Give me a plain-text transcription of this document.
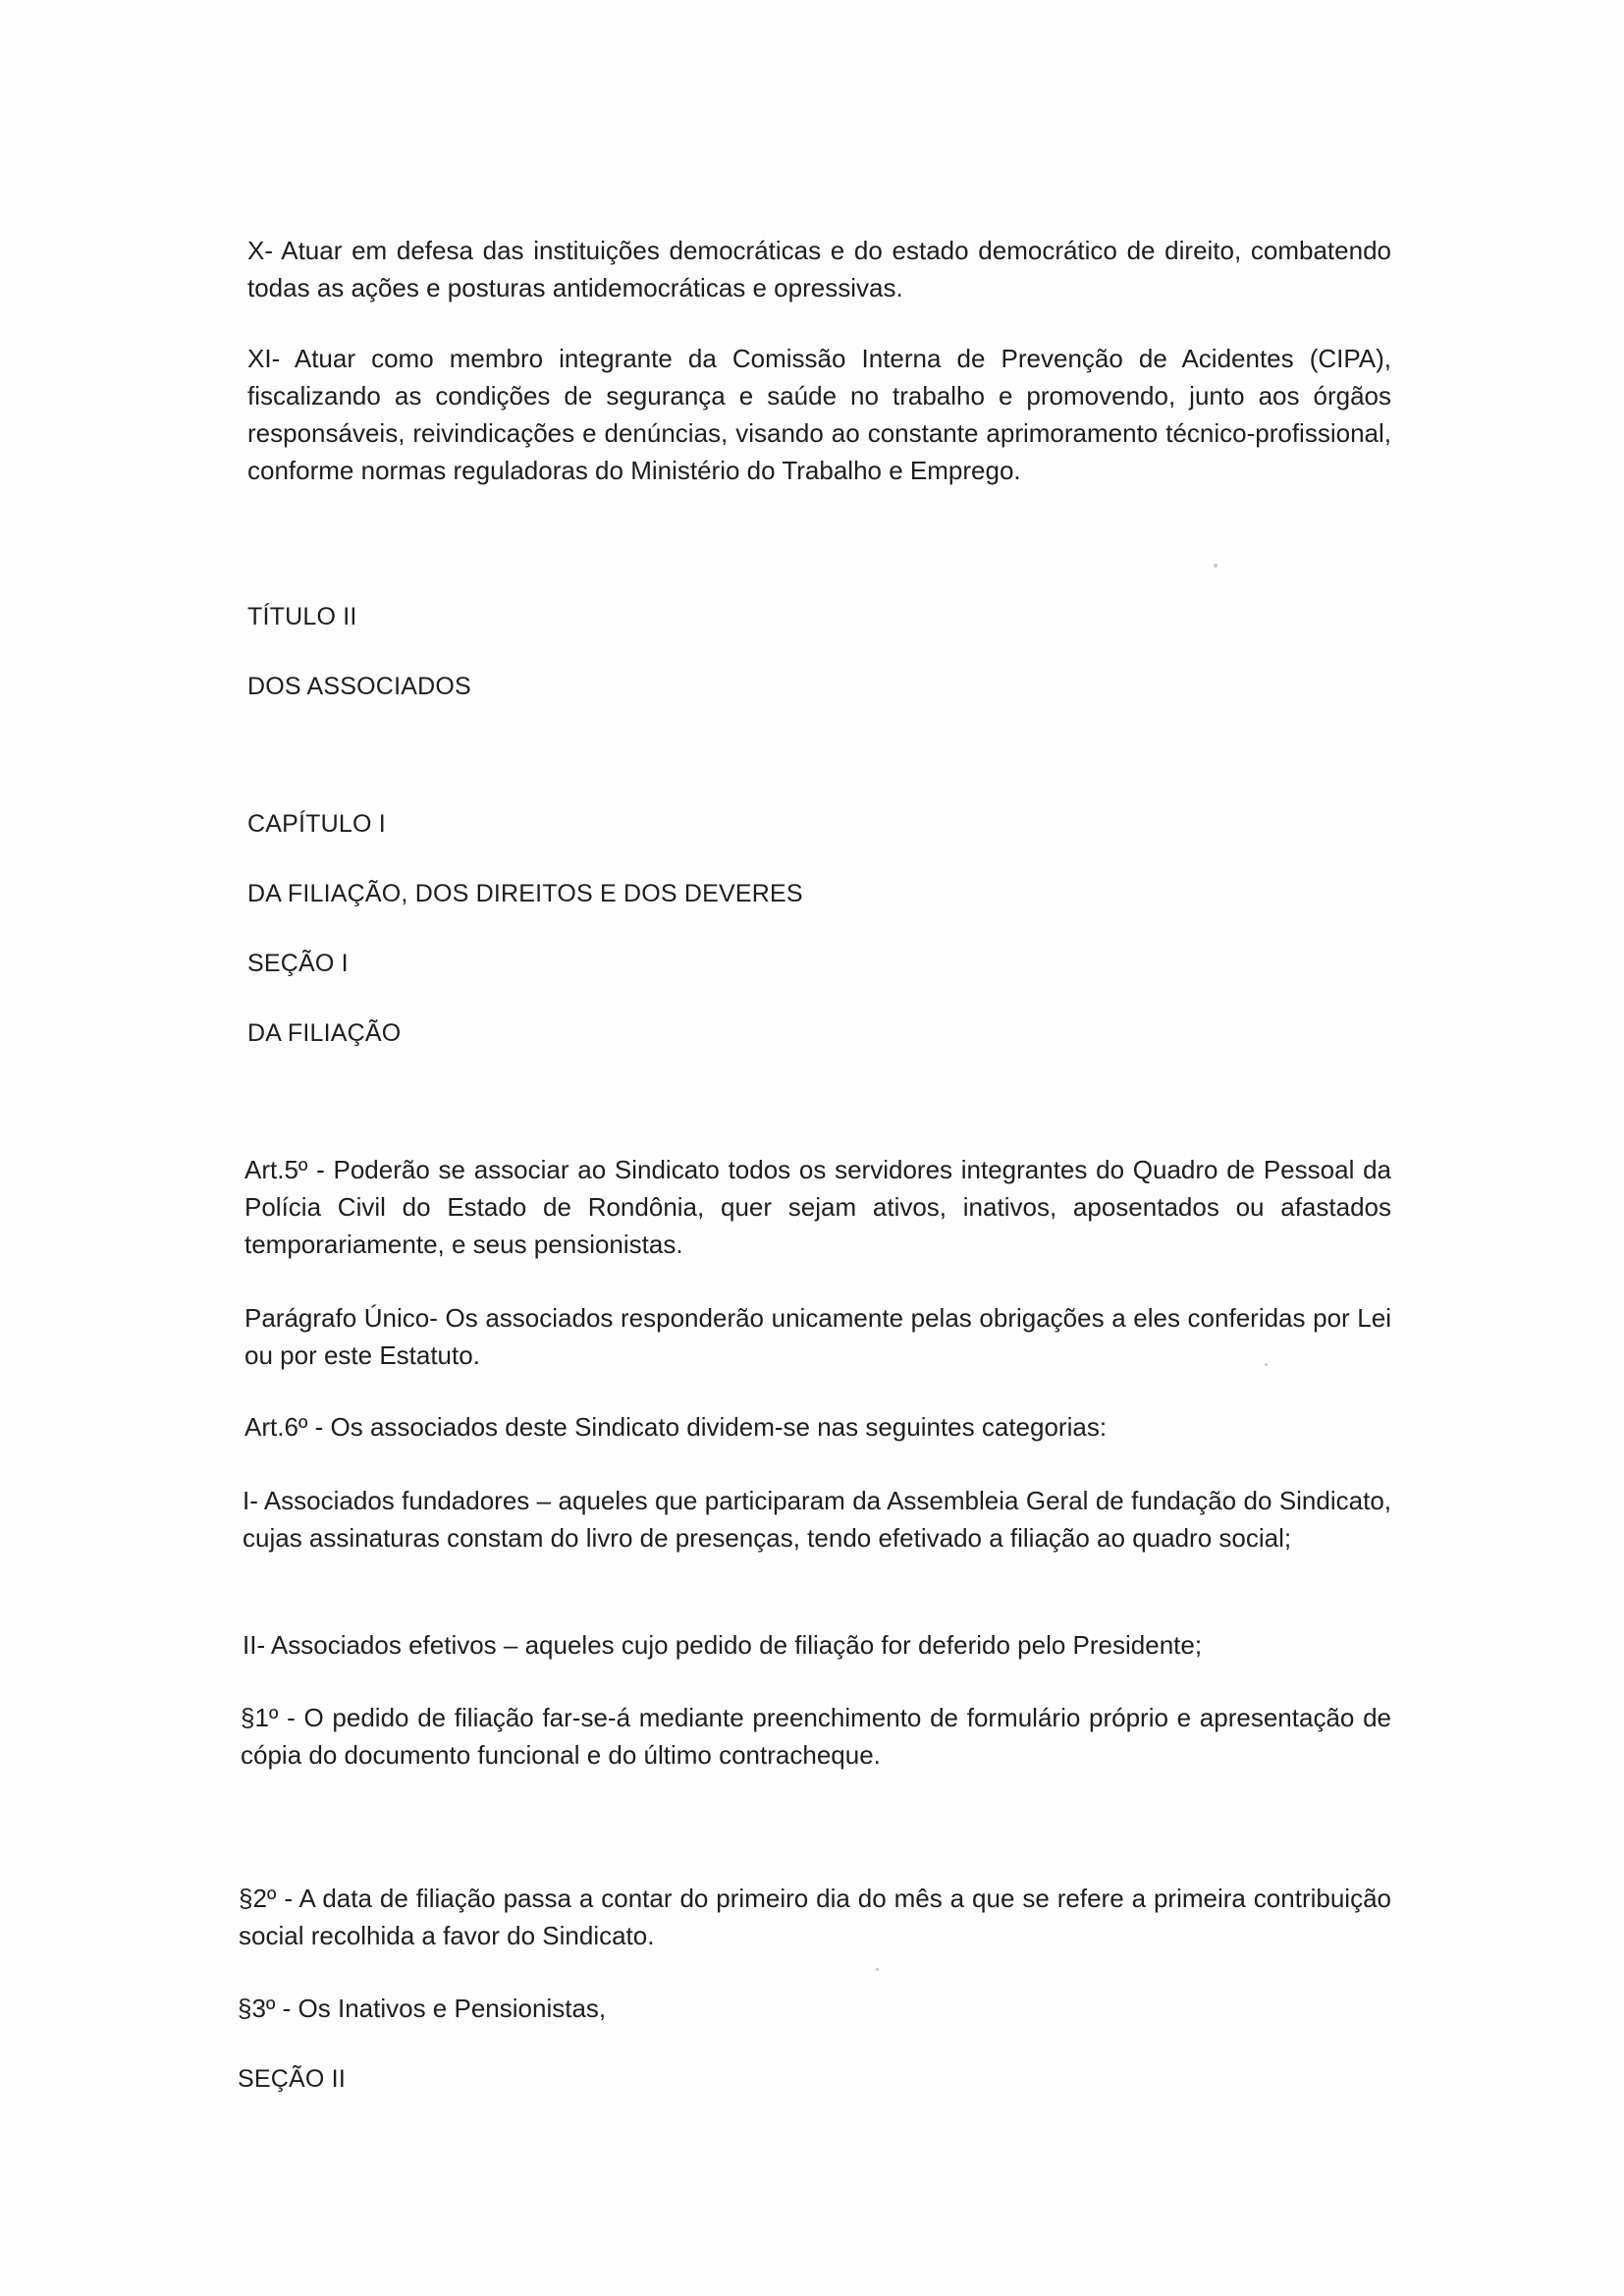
X- Atuar em defesa das instituições democráticas e do estado democrático de direito, combatendo todas as ações e posturas antidemocráticas e opressivas.

XI- Atuar como membro integrante da Comissão Interna de Prevenção de Acidentes (CIPA), fiscalizando as condições de segurança e saúde no trabalho e promovendo, junto aos órgãos responsáveis, reivindicações e denúncias, visando ao constante aprimoramento técnico-profissional, conforme normas reguladoras do Ministério do Trabalho e Emprego.

TÍTULO II

DOS ASSOCIADOS

CAPÍTULO I

DA FILIAÇÃO, DOS DIREITOS E DOS DEVERES

SEÇÃO I

DA FILIAÇÃO

Art.5º - Poderão se associar ao Sindicato todos os servidores integrantes do Quadro de Pessoal da Polícia Civil do Estado de Rondônia, quer sejam ativos, inativos, aposentados ou afastados temporariamente, e seus pensionistas.

Parágrafo Único- Os associados responderão unicamente pelas obrigações a eles conferidas por Lei ou por este Estatuto.

Art.6º - Os associados deste Sindicato dividem-se nas seguintes categorias:

I- Associados fundadores – aqueles que participaram da Assembleia Geral de fundação do Sindicato, cujas assinaturas constam do livro de presenças, tendo efetivado a filiação ao quadro social;

II- Associados efetivos – aqueles cujo pedido de filiação for deferido pelo Presidente;

§1º - O pedido de filiação far-se-á mediante preenchimento de formulário próprio e apresentação de cópia do documento funcional e do último contracheque.

§2º - A data de filiação passa a contar do primeiro dia do mês a que se refere a primeira contribuição social recolhida a favor do Sindicato.

§3º - Os Inativos e Pensionistas,

SEÇÃO II
